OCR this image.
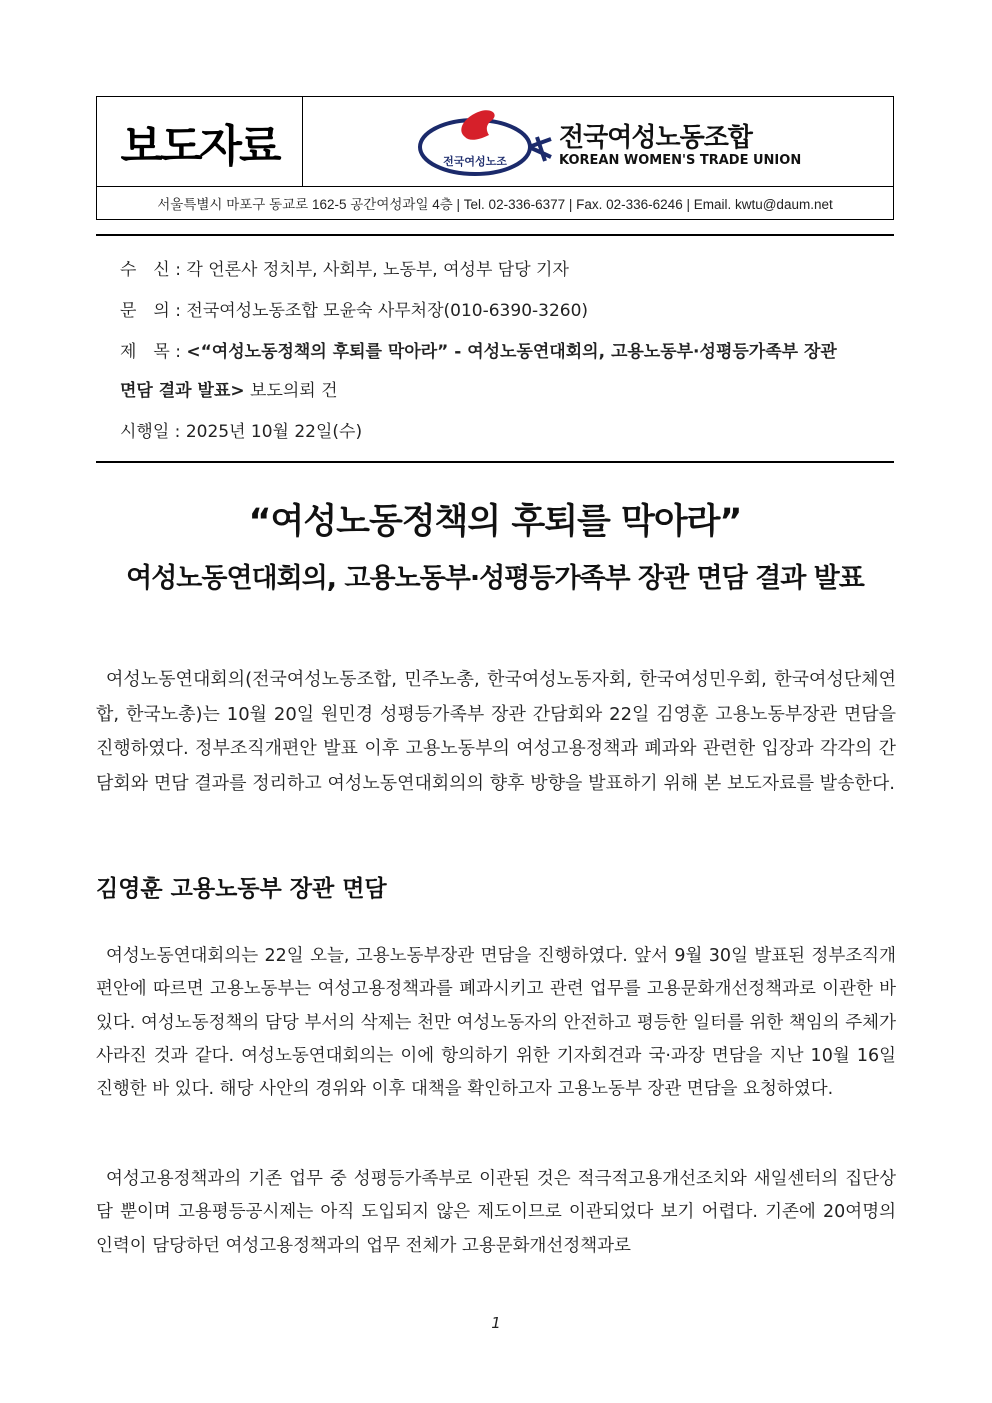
보도자료	전국여성노조
전국여성노동조합
KOREAN WOMEN'S TRADE UNION
서울특별시 마포구 동교로 162-5 공간여성과일 4층 | Tel. 02-336-6377 | Fax. 02-336-6246 | Email. kwtu@daum.net
수　신 : 각 언론사 정치부, 사회부, 노동부, 여성부 담당 기자
문　의 : 전국여성노동조합 모윤숙 사무처장(010-6390-3260)
제　목 : <“여성노동정책의 후퇴를 막아라” - 여성노동연대회의, 고용노동부·성평등가족부 장관
면담 결과 발표> 보도의뢰 건
시행일 : 2025년 10월 22일(수)
“여성노동정책의 후퇴를 막아라”
여성노동연대회의, 고용노동부·성평등가족부 장관 면담 결과 발표

여성노동연대회의(전국여성노동조합, 민주노총, 한국여성노동자회, 한국여성민우회, 한국여성단체연합, 한국노총)는 10월 20일 원민경 성평등가족부 장관 간담회와 22일 김영훈 고용노동부장관 면담을 진행하였다. 정부조직개편안 발표 이후 고용노동부의 여성고용정책과 폐과와 관련한 입장과 각각의 간담회와 면담 결과를 정리하고 여성노동연대회의의 향후 방향을 발표하기 위해 본 보도자료를 발송한다.

김영훈 고용노동부 장관 면담

여성노동연대회의는 22일 오늘, 고용노동부장관 면담을 진행하였다. 앞서 9월 30일 발표된 정부조직개편안에 따르면 고용노동부는 여성고용정책과를 폐과시키고 관련 업무를 고용문화개선정책과로 이관한 바 있다. 여성노동정책의 담당 부서의 삭제는 천만 여성노동자의 안전하고 평등한 일터를 위한 책임의 주체가 사라진 것과 같다. 여성노동연대회의는 이에 항의하기 위한 기자회견과 국·과장 면담을 지난 10월 16일 진행한 바 있다. 해당 사안의 경위와 이후 대책을 확인하고자 고용노동부 장관 면담을 요청하였다.

여성고용정책과의 기존 업무 중 성평등가족부로 이관된 것은 적극적고용개선조치와 새일센터의 집단상담 뿐이며 고용평등공시제는 아직 도입되지 않은 제도이므로 이관되었다 보기 어렵다. 기존에 20여명의 인력이 담당하던 여성고용정책과의 업무 전체가 고용문화개선정책과로

1
